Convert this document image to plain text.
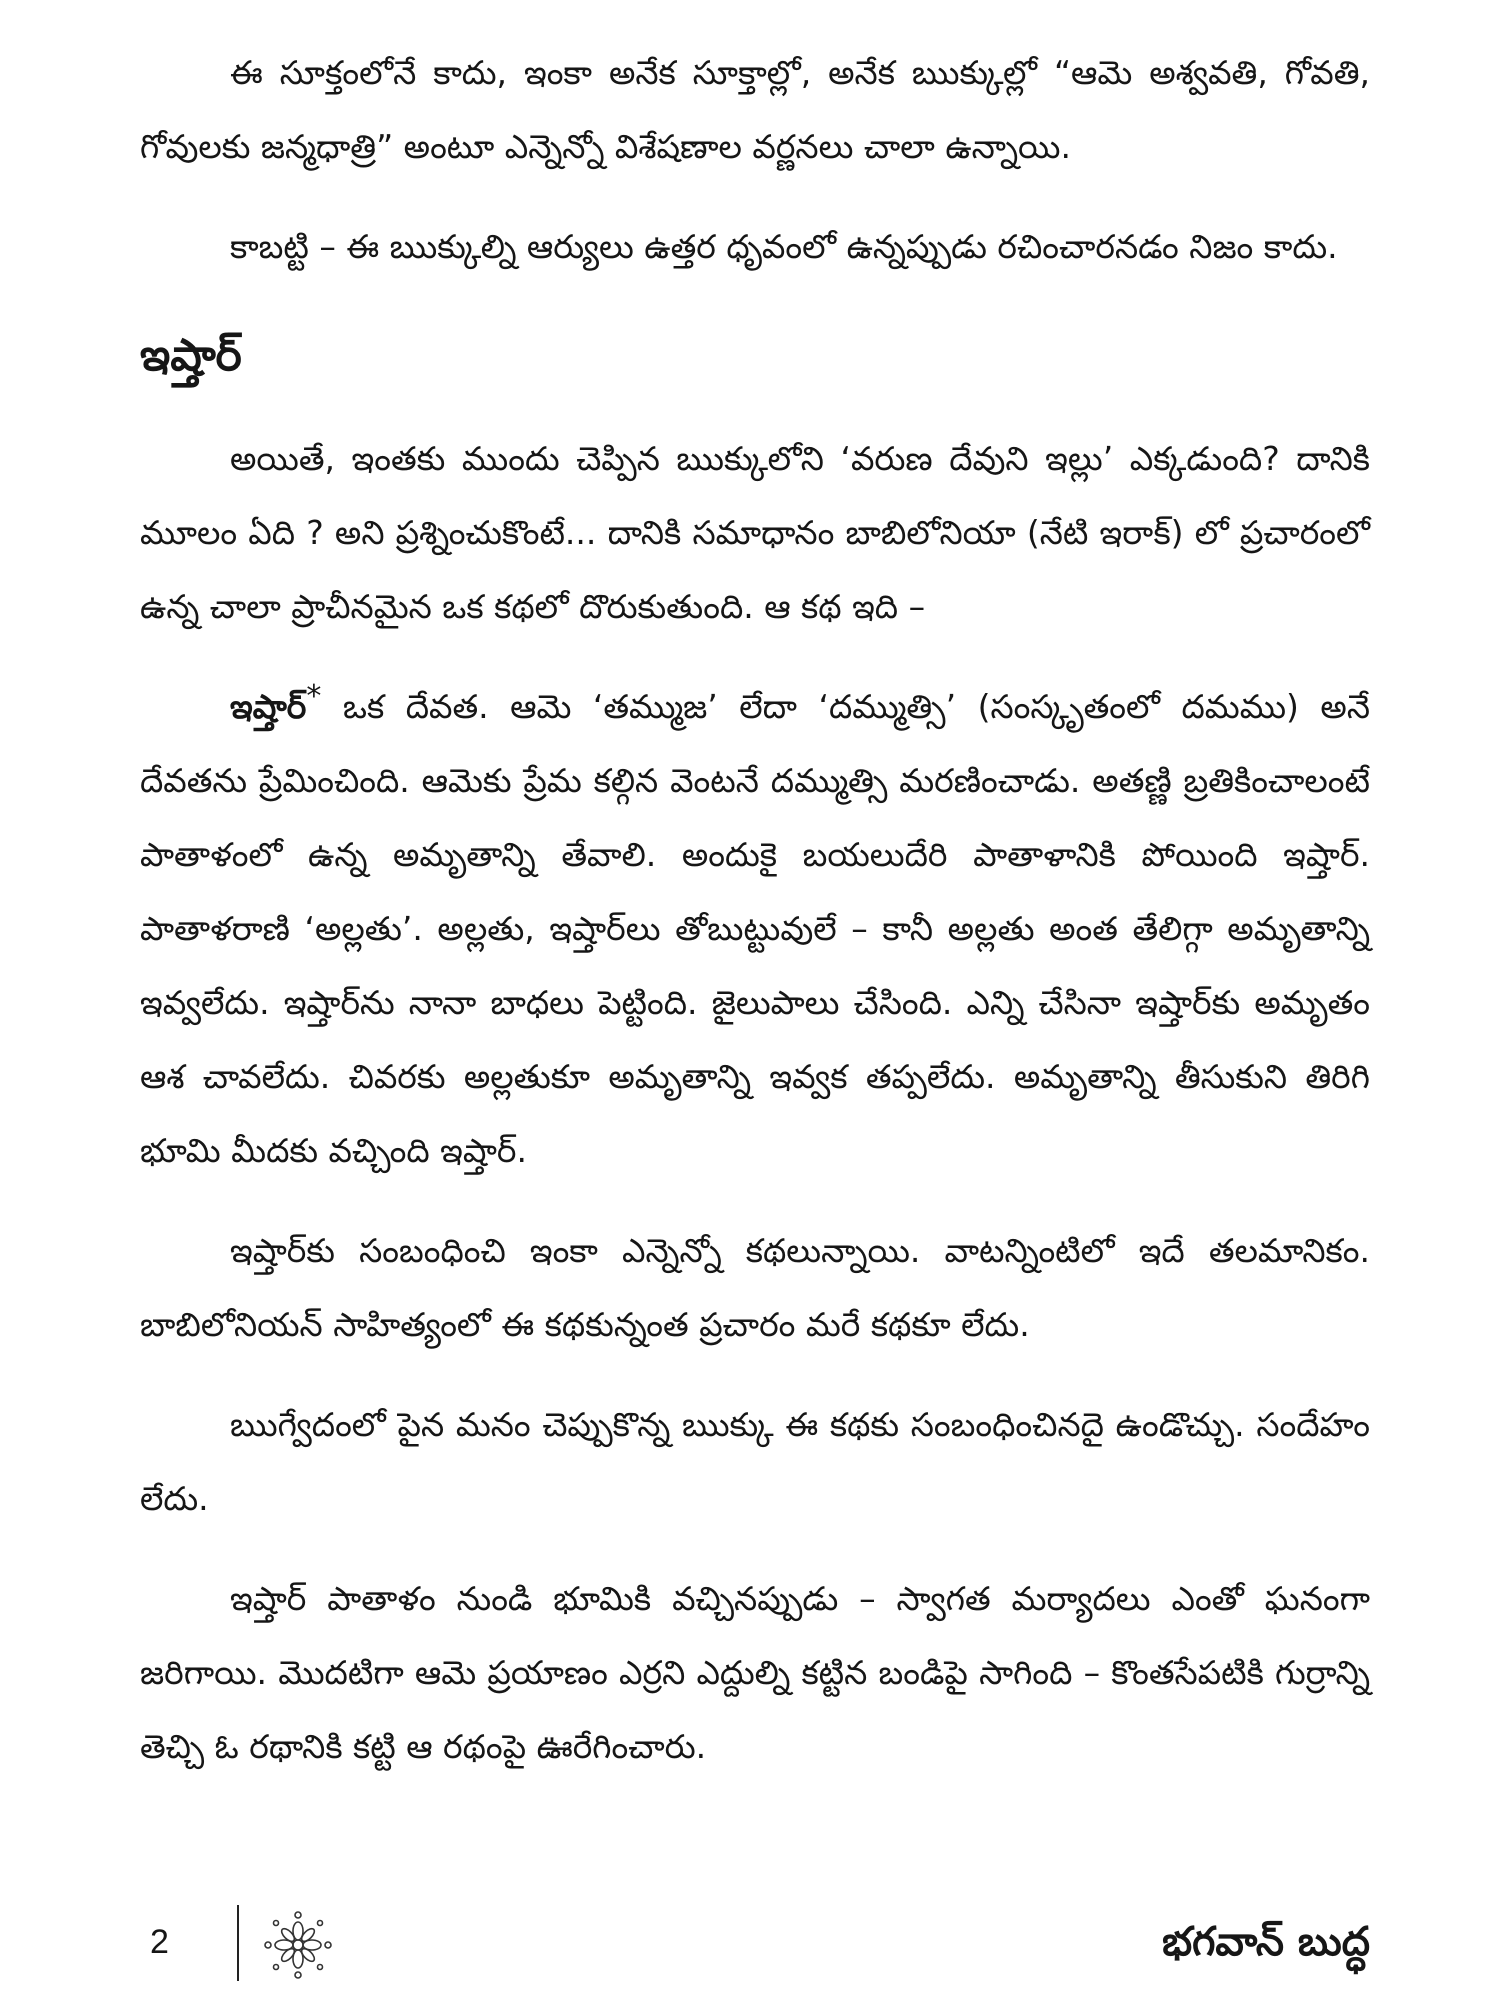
ఈ సూక్తంలోనే కాదు, ఇంకా అనేక సూక్తాల్లో, అనేక ఋక్కుల్లో “ఆమె అశ్వవతి, గోవతి, గోవులకు జన్మధాత్రి” అంటూ ఎన్నెన్నో విశేషణాల వర్ణనలు చాలా ఉన్నాయి.

కాబట్టి – ఈ ఋక్కుల్ని ఆర్యులు ఉత్తర ధృవంలో ఉన్నప్పుడు రచించారనడం నిజం కాదు.

ఇష్తార్

అయితే, ఇంతకు ముందు చెప్పిన ఋక్కులోని ‘వరుణ దేవుని ఇల్లు’ ఎక్కడుంది? దానికి మూలం ఏది ? అని ప్రశ్నించుకొంటే... దానికి సమాధానం బాబిలోనియా (నేటి ఇరాక్) లో ప్రచారంలో ఉన్న చాలా ప్రాచీనమైన ఒక కథలో దొరుకుతుంది. ఆ కథ ఇది –

ఇష్తార్* ఒక దేవత. ఆమె ‘తమ్ముజ’ లేదా ‘దమ్ముత్సి’ (సంస్కృతంలో దమము) అనే దేవతను ప్రేమించింది. ఆమెకు ప్రేమ కల్గిన వెంటనే దమ్ముత్సి మరణించాడు. అతణ్ణి బ్రతికించాలంటే పాతాళంలో ఉన్న అమృతాన్ని తేవాలి. అందుకై బయలుదేరి పాతాళానికి పోయింది ఇష్తార్. పాతాళరాణి ‘అల్లతు’. అల్లతు, ఇష్తార్‌లు తోబుట్టువులే – కానీ అల్లతు అంత తేలిగ్గా అమృతాన్ని ఇవ్వలేదు. ఇష్తార్‌ను నానా బాధలు పెట్టింది. జైలుపాలు చేసింది. ఎన్ని చేసినా ఇష్తార్‌కు అమృతం ఆశ చావలేదు. చివరకు అల్లతుకూ అమృతాన్ని ఇవ్వక తప్పలేదు. అమృతాన్ని తీసుకుని తిరిగి భూమి మీదకు వచ్చింది ఇష్తార్.

ఇష్తార్‌కు సంబంధించి ఇంకా ఎన్నెన్నో కథలున్నాయి. వాటన్నింటిలో ఇదే తలమానికం. బాబిలోనియన్ సాహిత్యంలో ఈ కథకున్నంత ప్రచారం మరే కథకూ లేదు.

ఋగ్వేదంలో పైన మనం చెప్పుకొన్న ఋక్కు ఈ కథకు సంబంధించినదై ఉండొచ్చు. సందేహం లేదు.

ఇష్తార్ పాతాళం నుండి భూమికి వచ్చినప్పుడు – స్వాగత మర్యాదలు ఎంతో ఘనంగా జరిగాయి. మొదటిగా ఆమె ప్రయాణం ఎర్రని ఎద్దుల్ని కట్టిన బండిపై సాగింది – కొంతసేపటికి గుర్రాన్ని తెచ్చి ఓ రథానికి కట్టి ఆ రథంపై ఊరేగించారు.

2	భగవాన్ బుద్ధ
